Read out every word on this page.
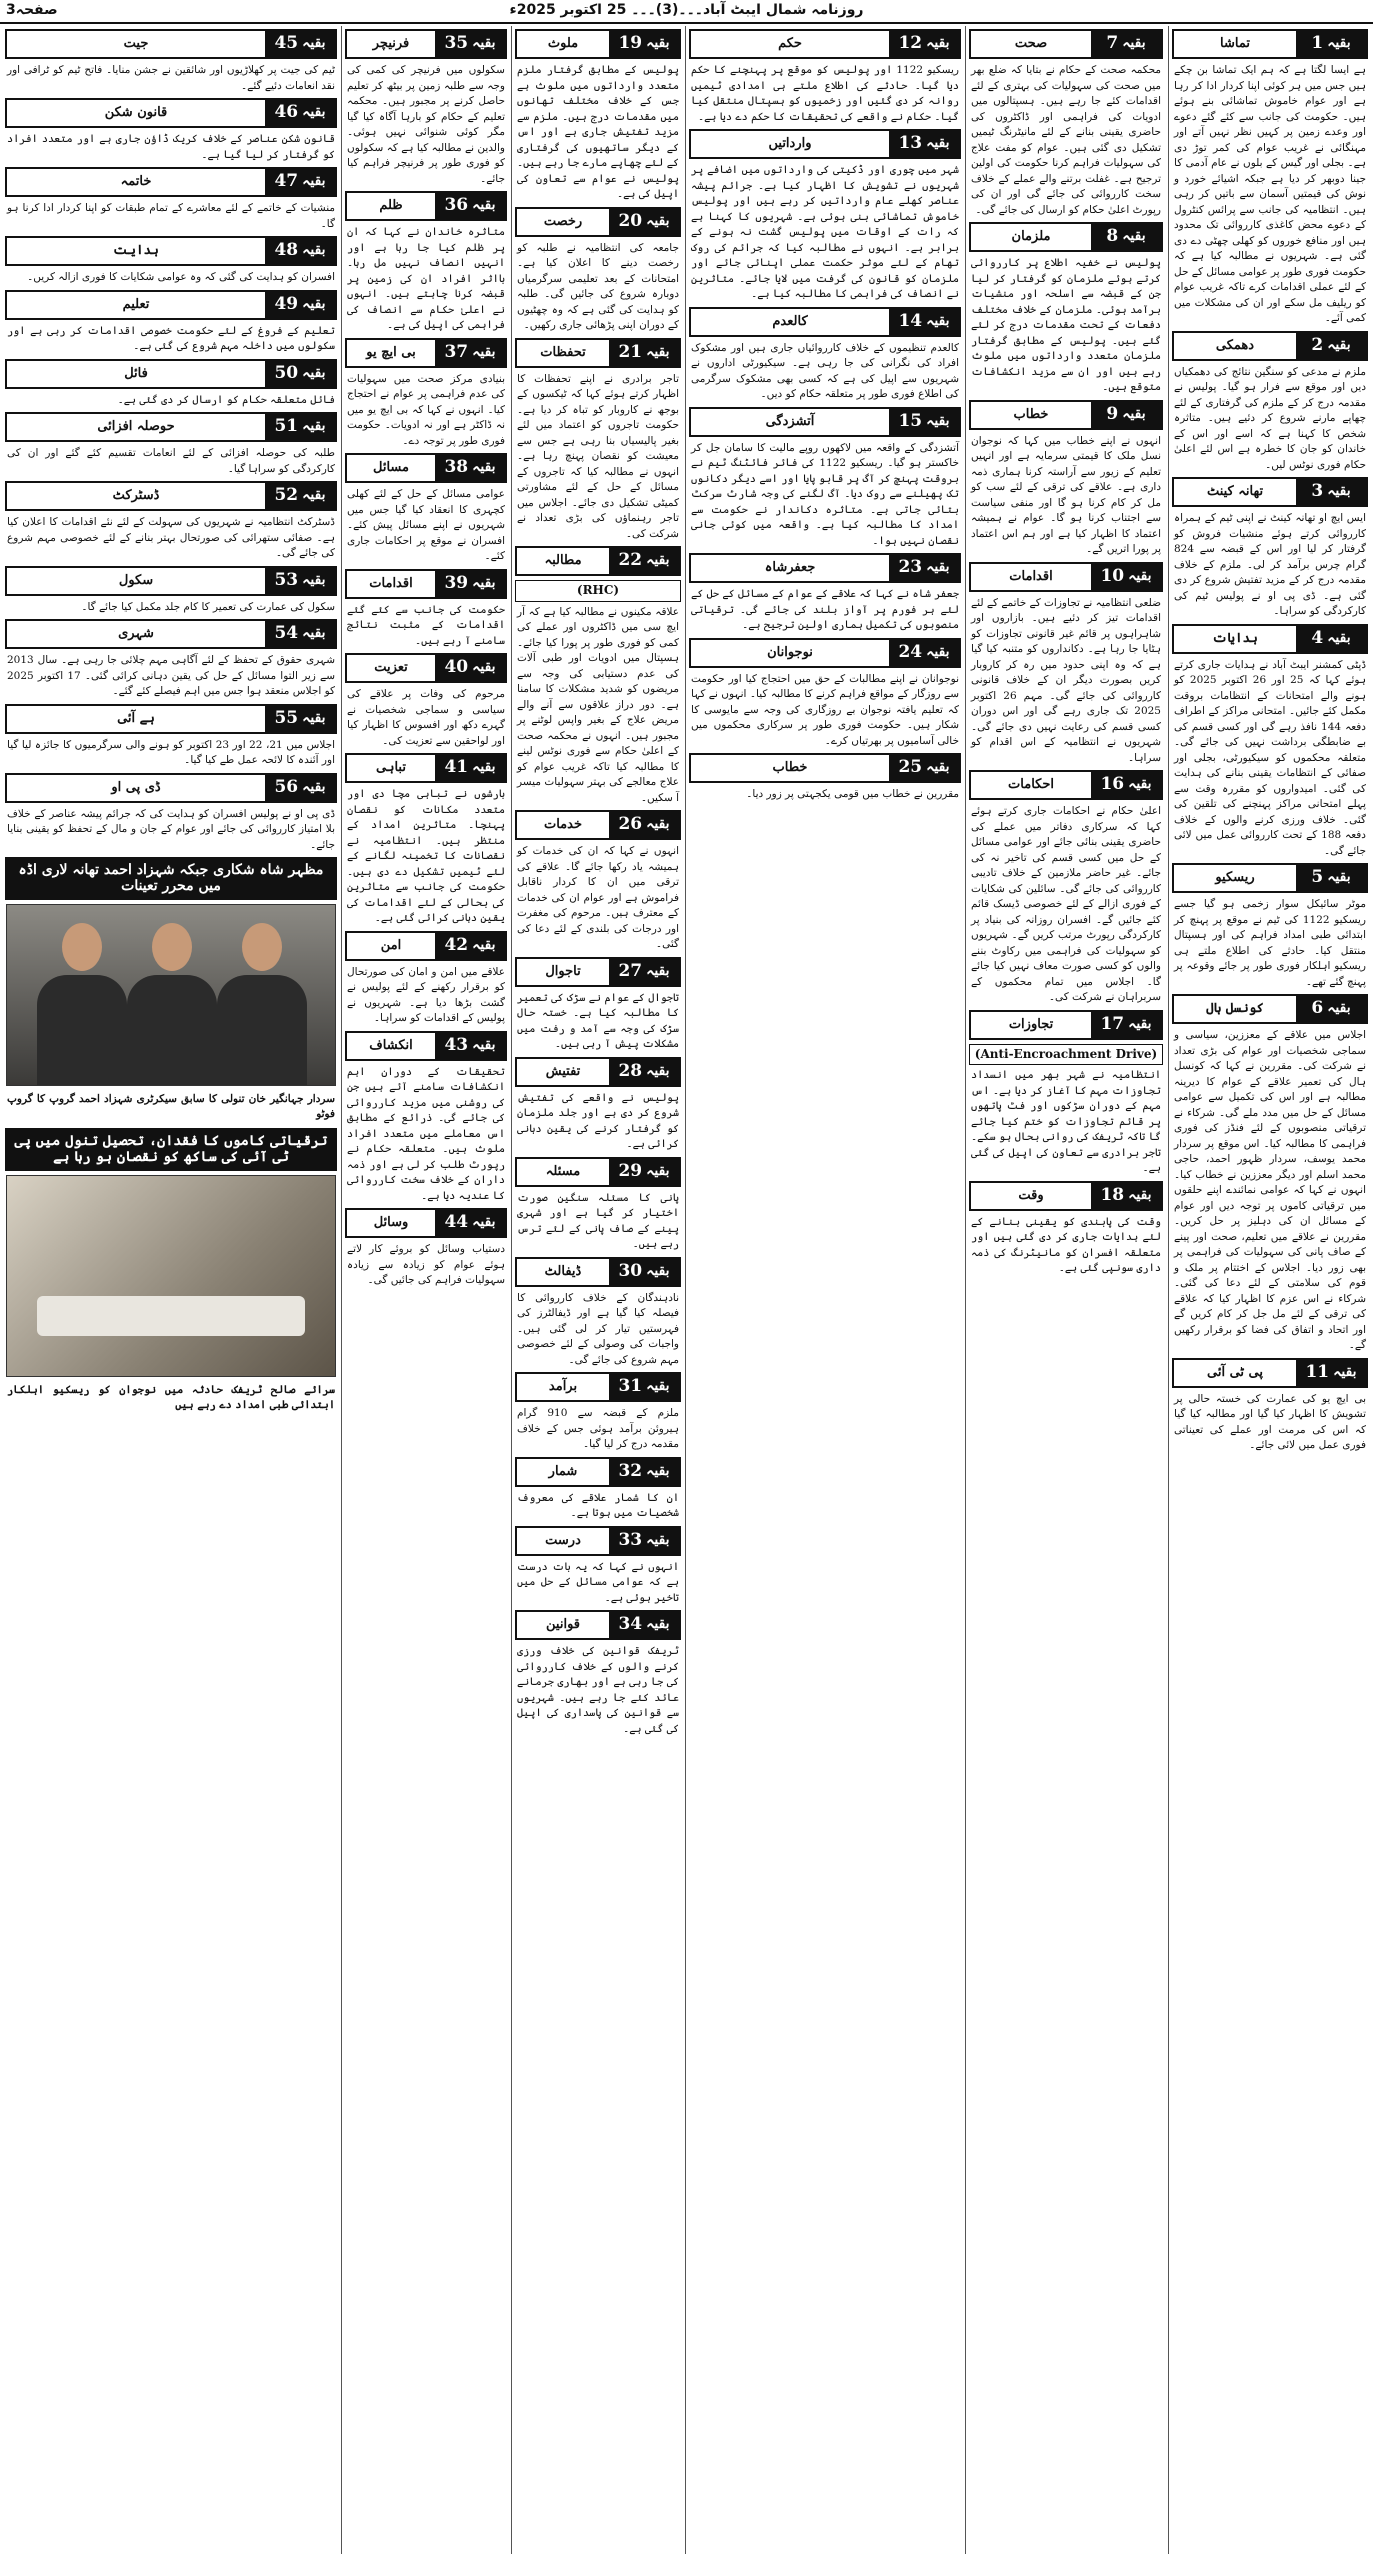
3صفحہ	روزنامہ شمال ایبٹ آباد۔۔۔(3)۔۔۔ 25 اکتوبر 2025ء
تماشا	بقیہ
1
ہے ایسا لگتا ہے کہ ہم ایک تماشا بن چکے ہیں جس میں ہر کوئی اپنا کردار ادا کر رہا ہے اور عوام خاموش تماشائی بنے ہوئے ہیں۔ حکومت کی جانب سے کئے گئے دعوے اور وعدے زمین پر کہیں نظر نہیں آتے اور مہنگائی نے غریب عوام کی کمر توڑ دی ہے۔ بجلی اور گیس کے بلوں نے عام آدمی کا جینا دوبھر کر دیا ہے جبکہ اشیائے خورد و نوش کی قیمتیں آسمان سے باتیں کر رہی ہیں۔ انتظامیہ کی جانب سے پرائس کنٹرول کے دعوے محض کاغذی کارروائی تک محدود ہیں اور منافع خوروں کو کھلی چھٹی دے دی گئی ہے۔ شہریوں نے مطالبہ کیا ہے کہ حکومت فوری طور پر عوامی مسائل کے حل کے لئے عملی اقدامات کرے تاکہ غریب عوام کو ریلیف مل سکے اور ان کی مشکلات میں کمی آئے۔
دھمکی	بقیہ
2
ملزم نے مدعی کو سنگین نتائج کی دھمکیاں دیں اور موقع سے فرار ہو گیا۔ پولیس نے مقدمہ درج کر کے ملزم کی گرفتاری کے لئے چھاپے مارنے شروع کر دئیے ہیں۔ متاثرہ شخص کا کہنا ہے کہ اسے اور اس کے خاندان کو جان کا خطرہ ہے اس لئے اعلیٰ حکام فوری نوٹس لیں۔
تھانہ کینٹ	بقیہ
3
ایس ایچ او تھانہ کینٹ نے اپنی ٹیم کے ہمراہ کارروائی کرتے ہوئے منشیات فروش کو گرفتار کر لیا اور اس کے قبضہ سے 824 گرام چرس برآمد کر لی۔ ملزم کے خلاف مقدمہ درج کر کے مزید تفتیش شروع کر دی گئی ہے۔ ڈی پی او نے پولیس ٹیم کی کارکردگی کو سراہا۔
ہدایات	بقیہ
4
ڈپٹی کمشنر ایبٹ آباد نے ہدایات جاری کرتے ہوئے کہا کہ 25 اور 26 اکتوبر 2025 کو ہونے والے امتحانات کے انتظامات بروقت مکمل کئے جائیں۔ امتحانی مراکز کے اطراف دفعہ 144 نافذ رہے گی اور کسی قسم کی بے ضابطگی برداشت نہیں کی جائے گی۔ متعلقہ محکموں کو سیکیورٹی، بجلی اور صفائی کے انتظامات یقینی بنانے کی ہدایت کی گئی۔ امیدواروں کو مقررہ وقت سے پہلے امتحانی مراکز پہنچنے کی تلقین کی گئی۔ خلاف ورزی کرنے والوں کے خلاف دفعہ 188 کے تحت کارروائی عمل میں لائی جائے گی۔
ریسکیو	بقیہ
5
موٹر سائیکل سوار زخمی ہو گیا جسے ریسکیو 1122 کی ٹیم نے موقع پر پہنچ کر ابتدائی طبی امداد فراہم کی اور ہسپتال منتقل کیا۔ حادثے کی اطلاع ملتے ہی ریسکیو اہلکار فوری طور پر جائے وقوعہ پر پہنچ گئے تھے۔
کونسل ہال	بقیہ
6
اجلاس میں علاقے کے معززین، سیاسی و سماجی شخصیات اور عوام کی بڑی تعداد نے شرکت کی۔ مقررین نے کہا کہ کونسل ہال کی تعمیر علاقے کے عوام کا دیرینہ مطالبہ ہے اور اس کی تکمیل سے عوامی مسائل کے حل میں مدد ملے گی۔ شرکاء نے ترقیاتی منصوبوں کے لئے فنڈز کی فوری فراہمی کا مطالبہ کیا۔ اس موقع پر سردار محمد یوسف، سردار ظہور احمد، حاجی محمد اسلم اور دیگر معززین نے خطاب کیا۔ انہوں نے کہا کہ عوامی نمائندے اپنے حلقوں میں ترقیاتی کاموں پر توجہ دیں اور عوام کے مسائل ان کی دہلیز پر حل کریں۔ مقررین نے علاقے میں تعلیم، صحت اور پینے کے صاف پانی کی سہولیات کی فراہمی پر بھی زور دیا۔ اجلاس کے اختتام پر ملک و قوم کی سلامتی کے لئے دعا کی گئی۔ شرکاء نے اس عزم کا اظہار کیا کہ علاقے کی ترقی کے لئے مل جل کر کام کریں گے اور اتحاد و اتفاق کی فضا کو برقرار رکھیں گے۔
پی ٹی آئی	بقیہ
11
بی ایچ یو کی عمارت کی خستہ حالی پر تشویش کا اظہار کیا گیا اور مطالبہ کیا گیا کہ اس کی مرمت اور عملے کی تعیناتی فوری عمل میں لائی جائے۔
صحت	بقیہ
7
محکمہ صحت کے حکام نے بتایا کہ ضلع بھر میں صحت کی سہولیات کی بہتری کے لئے اقدامات کئے جا رہے ہیں۔ ہسپتالوں میں ادویات کی فراہمی اور ڈاکٹروں کی حاضری یقینی بنانے کے لئے مانیٹرنگ ٹیمیں تشکیل دی گئی ہیں۔ عوام کو مفت علاج کی سہولیات فراہم کرنا حکومت کی اولین ترجیح ہے۔ غفلت برتنے والے عملے کے خلاف سخت کارروائی کی جائے گی اور ان کی رپورٹ اعلیٰ حکام کو ارسال کی جائے گی۔
ملزمان	بقیہ
8
پولیس نے خفیہ اطلاع پر کارروائی کرتے ہوئے ملزمان کو گرفتار کر لیا جن کے قبضہ سے اسلحہ اور منشیات برآمد ہوئی۔ ملزمان کے خلاف مختلف دفعات کے تحت مقدمات درج کر لئے گئے ہیں۔ پولیس کے مطابق گرفتار ملزمان متعدد وارداتوں میں ملوث رہے ہیں اور ان سے مزید انکشافات متوقع ہیں۔
خطاب	بقیہ
9
انہوں نے اپنے خطاب میں کہا کہ نوجوان نسل ملک کا قیمتی سرمایہ ہے اور انہیں تعلیم کے زیور سے آراستہ کرنا ہماری ذمہ داری ہے۔ علاقے کی ترقی کے لئے سب کو مل کر کام کرنا ہو گا اور منفی سیاست سے اجتناب کرنا ہو گا۔ عوام نے ہمیشہ اعتماد کا اظہار کیا ہے اور ہم اس اعتماد پر پورا اتریں گے۔
اقدامات	بقیہ
10
ضلعی انتظامیہ نے تجاوزات کے خاتمے کے لئے اقدامات تیز کر دئیے ہیں۔ بازاروں اور شاہراہوں پر قائم غیر قانونی تجاوزات کو ہٹایا جا رہا ہے۔ دکانداروں کو متنبہ کیا گیا ہے کہ وہ اپنی حدود میں رہ کر کاروبار کریں بصورت دیگر ان کے خلاف قانونی کارروائی کی جائے گی۔ مہم 26 اکتوبر 2025 تک جاری رہے گی اور اس دوران کسی قسم کی رعایت نہیں دی جائے گی۔ شہریوں نے انتظامیہ کے اس اقدام کو سراہا۔
احکامات	بقیہ
16
اعلیٰ حکام نے احکامات جاری کرتے ہوئے کہا کہ سرکاری دفاتر میں عملے کی حاضری یقینی بنائی جائے اور عوامی مسائل کے حل میں کسی قسم کی تاخیر نہ کی جائے۔ غیر حاضر ملازمین کے خلاف تادیبی کارروائی کی جائے گی۔ سائلین کی شکایات کے فوری ازالے کے لئے خصوصی ڈیسک قائم کئے جائیں گے۔ افسران روزانہ کی بنیاد پر کارکردگی رپورٹ مرتب کریں گے۔ شہریوں کو سہولیات کی فراہمی میں رکاوٹ بننے والوں کو کسی صورت معاف نہیں کیا جائے گا۔ اجلاس میں تمام محکموں کے سربراہان نے شرکت کی۔
تجاوزات	بقیہ
17
(Anti-Encroachment Drive)
انتظامیہ نے شہر بھر میں انسداد تجاوزات مہم کا آغاز کر دیا ہے۔ اس مہم کے دوران سڑکوں اور فٹ پاتھوں پر قائم تجاوزات کو ختم کیا جائے گا تاکہ ٹریفک کی روانی بحال ہو سکے۔ تاجر برادری سے تعاون کی اپیل کی گئی ہے۔
وقت	بقیہ
18
وقت کی پابندی کو یقینی بنانے کے لئے ہدایات جاری کر دی گئی ہیں اور متعلقہ افسران کو مانیٹرنگ کی ذمہ داری سونپی گئی ہے۔
حکم	بقیہ
12
ریسکیو 1122 اور پولیس کو موقع پر پہنچنے کا حکم دیا گیا۔ حادثے کی اطلاع ملتے ہی امدادی ٹیمیں روانہ کر دی گئیں اور زخمیوں کو ہسپتال منتقل کیا گیا۔ حکام نے واقعے کی تحقیقات کا حکم دے دیا ہے۔
وارداتیں	بقیہ
13
شہر میں چوری اور ڈکیتی کی وارداتوں میں اضافے پر شہریوں نے تشویش کا اظہار کیا ہے۔ جرائم پیشہ عناصر کھلے عام وارداتیں کر رہے ہیں اور پولیس خاموش تماشائی بنی ہوئی ہے۔ شہریوں کا کہنا ہے کہ رات کے اوقات میں پولیس گشت نہ ہونے کے برابر ہے۔ انہوں نے مطالبہ کیا کہ جرائم کی روک تھام کے لئے موثر حکمت عملی اپنائی جائے اور ملزمان کو قانون کی گرفت میں لایا جائے۔ متاثرین نے انصاف کی فراہمی کا مطالبہ کیا ہے۔
کالعدم	بقیہ
14
کالعدم تنظیموں کے خلاف کارروائیاں جاری ہیں اور مشکوک افراد کی نگرانی کی جا رہی ہے۔ سیکیورٹی اداروں نے شہریوں سے اپیل کی ہے کہ کسی بھی مشکوک سرگرمی کی اطلاع فوری طور پر متعلقہ حکام کو دیں۔
آتشزدگی	بقیہ
15
آتشزدگی کے واقعہ میں لاکھوں روپے مالیت کا سامان جل کر خاکستر ہو گیا۔ ریسکیو 1122 کی فائر فائٹنگ ٹیم نے بروقت پہنچ کر آگ پر قابو پایا اور اسے دیگر دکانوں تک پھیلنے سے روک دیا۔ آگ لگنے کی وجہ شارٹ سرکٹ بتائی جاتی ہے۔ متاثرہ دکاندار نے حکومت سے امداد کا مطالبہ کیا ہے۔ واقعہ میں کوئی جانی نقصان نہیں ہوا۔
جعفرشاہ	بقیہ
23
جعفر شاہ نے کہا کہ علاقے کے عوام کے مسائل کے حل کے لئے ہر فورم پر آواز بلند کی جائے گی۔ ترقیاتی منصوبوں کی تکمیل ہماری اولین ترجیح ہے۔
نوجوانان	بقیہ
24
نوجوانان نے اپنے مطالبات کے حق میں احتجاج کیا اور حکومت سے روزگار کے مواقع فراہم کرنے کا مطالبہ کیا۔ انہوں نے کہا کہ تعلیم یافتہ نوجوان بے روزگاری کی وجہ سے مایوسی کا شکار ہیں۔ حکومت فوری طور پر سرکاری محکموں میں خالی آسامیوں پر بھرتیاں کرے۔
خطاب	بقیہ
25
مقررین نے خطاب میں قومی یکجہتی پر زور دیا۔
ملوث	بقیہ
19
پولیس کے مطابق گرفتار ملزم متعدد وارداتوں میں ملوث ہے جس کے خلاف مختلف تھانوں میں مقدمات درج ہیں۔ ملزم سے مزید تفتیش جاری ہے اور اس کے دیگر ساتھیوں کی گرفتاری کے لئے چھاپے مارے جا رہے ہیں۔ پولیس نے عوام سے تعاون کی اپیل کی ہے۔
رخصت	بقیہ
20
جامعہ کی انتظامیہ نے طلبہ کو رخصت دینے کا اعلان کیا ہے۔ امتحانات کے بعد تعلیمی سرگرمیاں دوبارہ شروع کی جائیں گی۔ طلبہ کو ہدایت کی گئی ہے کہ وہ چھٹیوں کے دوران اپنی پڑھائی جاری رکھیں۔
تحفظات	بقیہ
21
تاجر برادری نے اپنے تحفظات کا اظہار کرتے ہوئے کہا کہ ٹیکسوں کے بوجھ نے کاروبار کو تباہ کر دیا ہے۔ حکومت تاجروں کو اعتماد میں لئے بغیر پالیسیاں بنا رہی ہے جس سے معیشت کو نقصان پہنچ رہا ہے۔ انہوں نے مطالبہ کیا کہ تاجروں کے مسائل کے حل کے لئے مشاورتی کمیٹی تشکیل دی جائے۔ اجلاس میں تاجر رہنماؤں کی بڑی تعداد نے شرکت کی۔
مطالبہ	بقیہ
22
(RHC)
علاقہ مکینوں نے مطالبہ کیا ہے کہ آر ایچ سی میں ڈاکٹروں اور عملے کی کمی کو فوری طور پر پورا کیا جائے۔ ہسپتال میں ادویات اور طبی آلات کی عدم دستیابی کی وجہ سے مریضوں کو شدید مشکلات کا سامنا ہے۔ دور دراز علاقوں سے آنے والے مریض علاج کے بغیر واپس لوٹنے پر مجبور ہیں۔ انہوں نے محکمہ صحت کے اعلیٰ حکام سے فوری نوٹس لینے کا مطالبہ کیا تاکہ غریب عوام کو علاج معالجے کی بہتر سہولیات میسر آ سکیں۔
خدمات	بقیہ
26
انہوں نے کہا کہ ان کی خدمات کو ہمیشہ یاد رکھا جائے گا۔ علاقے کی ترقی میں ان کا کردار ناقابل فراموش ہے اور عوام ان کی خدمات کے معترف ہیں۔ مرحوم کی مغفرت اور درجات کی بلندی کے لئے دعا کی گئی۔
تاجوال	بقیہ
27
تاجوال کے عوام نے سڑک کی تعمیر کا مطالبہ کیا ہے۔ خستہ حال سڑک کی وجہ سے آمد و رفت میں مشکلات پیش آ رہی ہیں۔
تفتیش	بقیہ
28
پولیس نے واقعے کی تفتیش شروع کر دی ہے اور جلد ملزمان کو گرفتار کرنے کی یقین دہانی کرائی ہے۔
مسئلہ	بقیہ
29
پانی کا مسئلہ سنگین صورت اختیار کر گیا ہے اور شہری پینے کے صاف پانی کے لئے ترس رہے ہیں۔
ڈیفالٹ	بقیہ
30
نادہندگان کے خلاف کارروائی کا فیصلہ کیا گیا ہے اور ڈیفالٹرز کی فہرستیں تیار کر لی گئی ہیں۔ واجبات کی وصولی کے لئے خصوصی مہم شروع کی جائے گی۔
برآمد	بقیہ
31
ملزم کے قبضہ سے 910 گرام ہیروئن برآمد ہوئی جس کے خلاف مقدمہ درج کر لیا گیا۔
شمار	بقیہ
32
ان کا شمار علاقے کی معروف شخصیات میں ہوتا ہے۔
درست	بقیہ
33
انہوں نے کہا کہ یہ بات درست ہے کہ عوامی مسائل کے حل میں تاخیر ہوئی ہے۔
قوانین	بقیہ
34
ٹریفک قوانین کی خلاف ورزی کرنے والوں کے خلاف کارروائی کی جا رہی ہے اور بھاری جرمانے عائد کئے جا رہے ہیں۔ شہریوں سے قوانین کی پاسداری کی اپیل کی گئی ہے۔
فرنیچر	بقیہ
35
سکولوں میں فرنیچر کی کمی کی وجہ سے طلبہ زمین پر بیٹھ کر تعلیم حاصل کرنے پر مجبور ہیں۔ محکمہ تعلیم کے حکام کو بارہا آگاہ کیا گیا مگر کوئی شنوائی نہیں ہوئی۔ والدین نے مطالبہ کیا ہے کہ سکولوں کو فوری طور پر فرنیچر فراہم کیا جائے۔
ظلم	بقیہ
36
متاثرہ خاندان نے کہا کہ ان پر ظلم کیا جا رہا ہے اور انہیں انصاف نہیں مل رہا۔ بااثر افراد ان کی زمین پر قبضہ کرنا چاہتے ہیں۔ انہوں نے اعلیٰ حکام سے انصاف کی فراہمی کی اپیل کی ہے۔
بی ایچ یو	بقیہ
37
بنیادی مرکز صحت میں سہولیات کی عدم فراہمی پر عوام نے احتجاج کیا۔ انہوں نے کہا کہ بی ایچ یو میں نہ ڈاکٹر ہے اور نہ ادویات۔ حکومت فوری طور پر توجہ دے۔
مسائل	بقیہ
38
عوامی مسائل کے حل کے لئے کھلی کچہری کا انعقاد کیا گیا جس میں شہریوں نے اپنے مسائل پیش کئے۔ افسران نے موقع پر احکامات جاری کئے۔
اقدامات	بقیہ
39
حکومت کی جانب سے کئے گئے اقدامات کے مثبت نتائج سامنے آ رہے ہیں۔
تعزیت	بقیہ
40
مرحوم کی وفات پر علاقے کی سیاسی و سماجی شخصیات نے گہرے دکھ اور افسوس کا اظہار کیا اور لواحقین سے تعزیت کی۔
تباہی	بقیہ
41
بارشوں نے تباہی مچا دی اور متعدد مکانات کو نقصان پہنچا۔ متاثرین امداد کے منتظر ہیں۔ انتظامیہ نے نقصانات کا تخمینہ لگانے کے لئے ٹیمیں تشکیل دے دی ہیں۔ حکومت کی جانب سے متاثرین کی بحالی کے لئے اقدامات کی یقین دہانی کرائی گئی ہے۔
امن	بقیہ
42
علاقے میں امن و امان کی صورتحال کو برقرار رکھنے کے لئے پولیس نے گشت بڑھا دیا ہے۔ شہریوں نے پولیس کے اقدامات کو سراہا۔
انکشاف	بقیہ
43
تحقیقات کے دوران اہم انکشافات سامنے آئے ہیں جن کی روشنی میں مزید کارروائی کی جائے گی۔ ذرائع کے مطابق اس معاملے میں متعدد افراد ملوث ہیں۔ متعلقہ حکام نے رپورٹ طلب کر لی ہے اور ذمہ داران کے خلاف سخت کارروائی کا عندیہ دیا ہے۔
وسائل	بقیہ
44
دستیاب وسائل کو بروئے کار لاتے ہوئے عوام کو زیادہ سے زیادہ سہولیات فراہم کی جائیں گی۔
جیت	بقیہ
45
ٹیم کی جیت پر کھلاڑیوں اور شائقین نے جشن منایا۔ فاتح ٹیم کو ٹرافی اور نقد انعامات دئیے گئے۔
قانون شکن	بقیہ
46
قانون شکن عناصر کے خلاف کریک ڈاؤن جاری ہے اور متعدد افراد کو گرفتار کر لیا گیا ہے۔
خاتمہ	بقیہ
47
منشیات کے خاتمے کے لئے معاشرے کے تمام طبقات کو اپنا کردار ادا کرنا ہو گا۔
ہدایت	بقیہ
48
افسران کو ہدایت کی گئی کہ وہ عوامی شکایات کا فوری ازالہ کریں۔
تعلیم	بقیہ
49
تعلیم کے فروغ کے لئے حکومت خصوصی اقدامات کر رہی ہے اور سکولوں میں داخلہ مہم شروع کی گئی ہے۔
فائل	بقیہ
50
فائل متعلقہ حکام کو ارسال کر دی گئی ہے۔
حوصلہ افزائی	بقیہ
51
طلبہ کی حوصلہ افزائی کے لئے انعامات تقسیم کئے گئے اور ان کی کارکردگی کو سراہا گیا۔
ڈسٹرکٹ	بقیہ
52
ڈسٹرکٹ انتظامیہ نے شہریوں کی سہولت کے لئے نئے اقدامات کا اعلان کیا ہے۔ صفائی ستھرائی کی صورتحال بہتر بنانے کے لئے خصوصی مہم شروع کی جائے گی۔
سکول	بقیہ
53
سکول کی عمارت کی تعمیر کا کام جلد مکمل کیا جائے گا۔
شہری	بقیہ
54
شہری حقوق کے تحفظ کے لئے آگاہی مہم چلائی جا رہی ہے۔ سال 2013 سے زیر التوا مسائل کے حل کی یقین دہانی کرائی گئی۔ 17 اکتوبر 2025 کو اجلاس منعقد ہوا جس میں اہم فیصلے کئے گئے۔
ہے آئی	بقیہ
55
اجلاس میں 21، 22 اور 23 اکتوبر کو ہونے والی سرگرمیوں کا جائزہ لیا گیا اور آئندہ کا لائحہ عمل طے کیا گیا۔
ڈی پی او	بقیہ
56
ڈی پی او نے پولیس افسران کو ہدایت کی کہ جرائم پیشہ عناصر کے خلاف بلا امتیاز کارروائی کی جائے اور عوام کے جان و مال کے تحفظ کو یقینی بنایا جائے۔
مظہر شاہ شکاری جبکہ شہزاد احمد تھانہ لاری اڈہ میں محرر تعینات
سردار جہانگیر خان تنولی کا سابق سیکرٹری شہزاد احمد گروپ کا گروپ فوٹو
ترقیاتی کاموں کا فقدان، تحصیل تنول میں پی ٹی آئی کی ساکھ کو نقصان ہو رہا ہے
سرائے صالح ٹریفک حادثہ میں نوجوان کو ریسکیو اہلکار ابتدائی طبی امداد دے رہے ہیں
